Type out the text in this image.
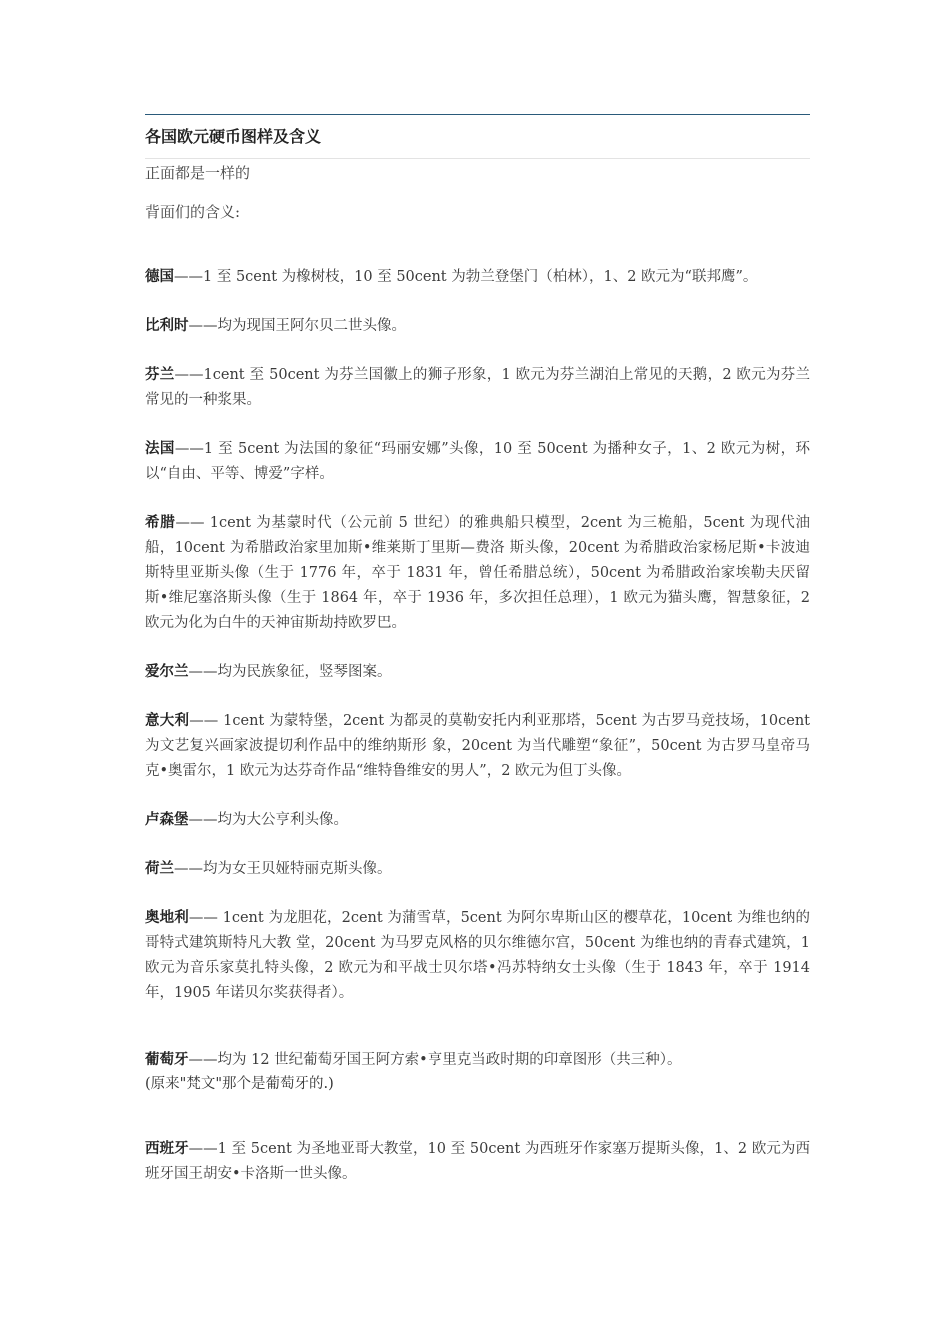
各国欧元硬币图样及含义

正面都是一样的

背面们的含义:

德国——1 至 5cent 为橡树枝，10 至 50cent 为勃兰登堡门（柏林），1、2 欧元为“联邦鹰”。

比利时——均为现国王阿尔贝二世头像。

芬兰——1cent 至 50cent 为芬兰国徽上的狮子形象，1 欧元为芬兰湖泊上常见的天鹅，2 欧元为芬兰常见的一种浆果。

法国——1 至 5cent 为法国的象征“玛丽安娜”头像，10 至 50cent 为播种女子，1、2 欧元为树，环以“自由、平等、博爱”字样。

希腊—— 1cent 为基蒙时代（公元前 5 世纪）的雅典船只模型，2cent 为三桅船，5cent 为现代油船，10cent 为希腊政治家里加斯•维莱斯丁里斯—费洛 斯头像，20cent 为希腊政治家杨尼斯•卡波迪斯特里亚斯头像（生于 1776 年，卒于 1831 年，曾任希腊总统），50cent 为希腊政治家埃勒夫厌留 斯•维尼塞洛斯头像（生于 1864 年，卒于 1936 年，多次担任总理），1 欧元为猫头鹰，智慧象征，2 欧元为化为白牛的天神宙斯劫持欧罗巴。

爱尔兰——均为民族象征，竖琴图案。

意大利—— 1cent 为蒙特堡，2cent 为都灵的莫勒安托内利亚那塔，5cent 为古罗马竞技场，10cent 为文艺复兴画家波提切利作品中的维纳斯形 象，20cent 为当代雕塑“象征”，50cent 为古罗马皇帝马克•奥雷尔，1 欧元为达芬奇作品“维特鲁维安的男人”，2 欧元为但丁头像。

卢森堡——均为大公亨利头像。

荷兰——均为女王贝娅特丽克斯头像。

奥地利—— 1cent 为龙胆花，2cent 为蒲雪草，5cent 为阿尔卑斯山区的樱草花，10cent 为维也纳的哥特式建筑斯特凡大教 堂，20cent 为马罗克风格的贝尔维德尔宫，50cent 为维也纳的青春式建筑，1 欧元为音乐家莫扎特头像，2 欧元为和平战士贝尔塔•冯苏特纳女士头像（生于 1843 年，卒于 1914 年，1905 年诺贝尔奖获得者）。

葡萄牙——均为 12 世纪葡萄牙国王阿方索•亨里克当政时期的印章图形（共三种）。

(原来"梵文"那个是葡萄牙的.)

西班牙——1 至 5cent 为圣地亚哥大教堂，10 至 50cent 为西班牙作家塞万提斯头像，1、2 欧元为西班牙国王胡安•卡洛斯一世头像。
